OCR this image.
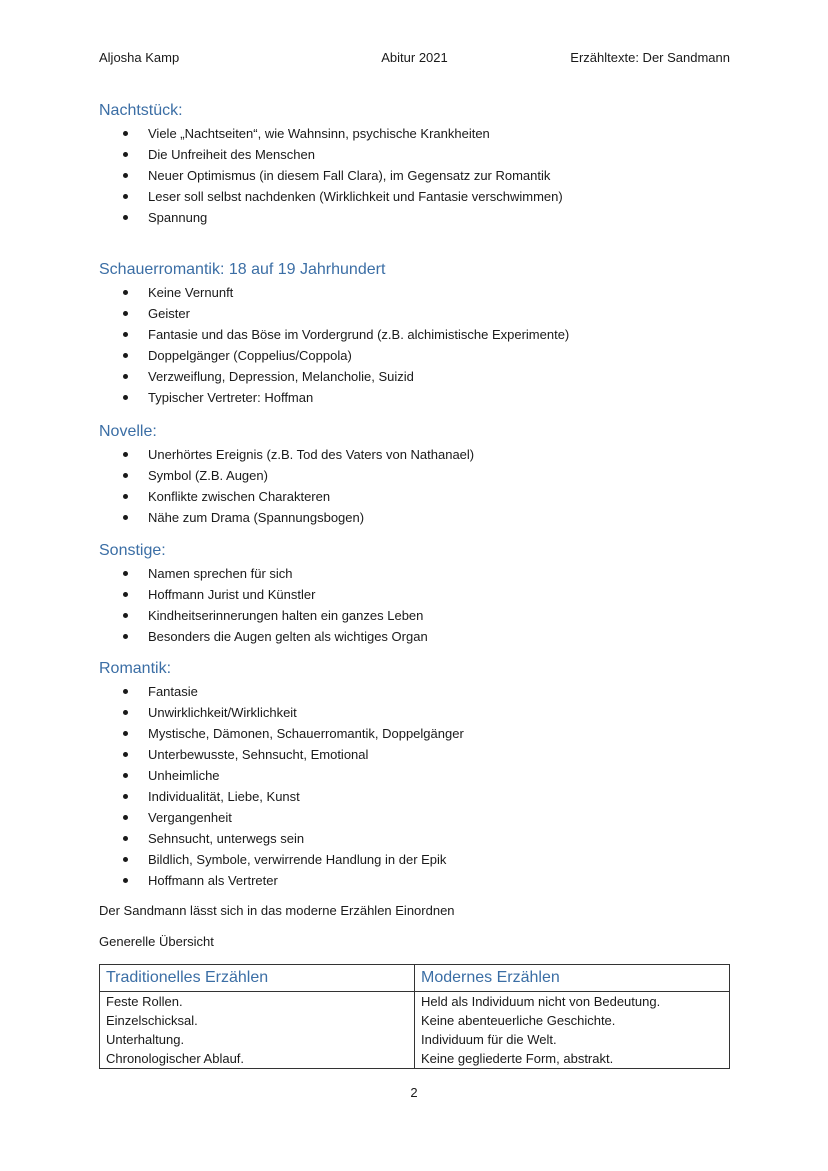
Aljosha Kamp	Abitur 2021	Erzähltexte: Der Sandmann
Nachtstück:
Viele „Nachtseiten“, wie Wahnsinn, psychische Krankheiten
Die Unfreiheit des Menschen
Neuer Optimismus (in diesem Fall Clara), im Gegensatz zur Romantik
Leser soll selbst nachdenken (Wirklichkeit und Fantasie verschwimmen)
Spannung
Schauerromantik: 18 auf 19 Jahrhundert
Keine Vernunft
Geister
Fantasie und das Böse im Vordergrund (z.B. alchimistische Experimente)
Doppelgänger (Coppelius/Coppola)
Verzweiflung, Depression, Melancholie, Suizid
Typischer Vertreter: Hoffman
Novelle:
Unerhörtes Ereignis (z.B. Tod des Vaters von Nathanael)
Symbol (Z.B. Augen)
Konflikte zwischen Charakteren
Nähe zum Drama (Spannungsbogen)
Sonstige:
Namen sprechen für sich
Hoffmann Jurist und Künstler
Kindheitserinnerungen halten ein ganzes Leben
Besonders die Augen gelten als wichtiges Organ
Romantik:
Fantasie
Unwirklichkeit/Wirklichkeit
Mystische, Dämonen, Schauerromantik, Doppelgänger
Unterbewusste, Sehnsucht, Emotional
Unheimliche
Individualität, Liebe, Kunst
Vergangenheit
Sehnsucht, unterwegs sein
Bildlich, Symbole, verwirrende Handlung in der Epik
Hoffmann als Vertreter
Der Sandmann lässt sich in das moderne Erzählen Einordnen
Generelle Übersicht
Traditionelles Erzählen	Modernes Erzählen
Feste Rollen.	Held als Individuum nicht von Bedeutung.
Einzelschicksal.	Keine abenteuerliche Geschichte.
Unterhaltung.	Individuum für die Welt.
Chronologischer Ablauf.	Keine gegliederte Form, abstrakt.
2
